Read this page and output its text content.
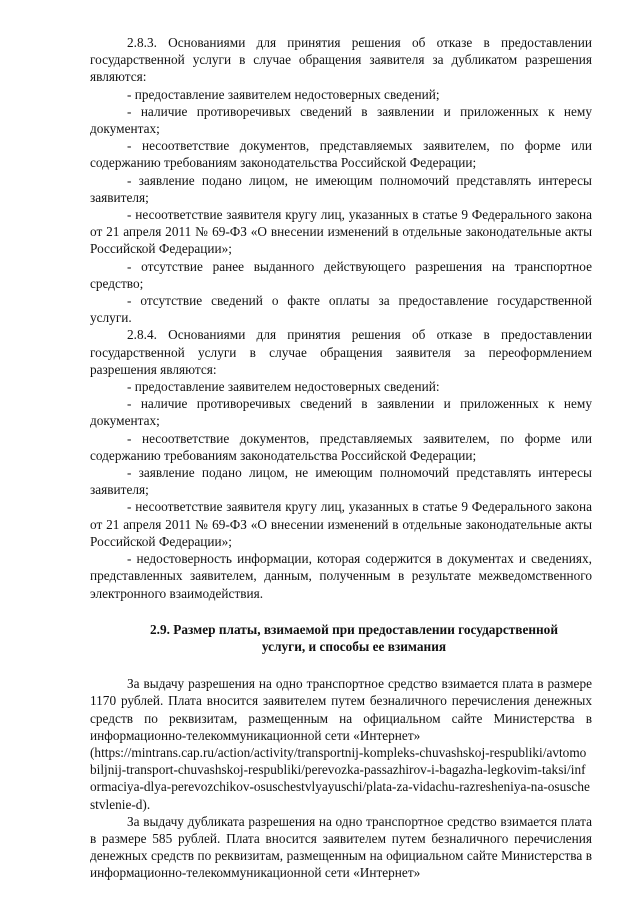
2.8.3. Основаниями для принятия решения об отказе в предоставлении государственной услуги в случае обращения заявителя за дубликатом разрешения являются:

- предоставление заявителем недостоверных сведений;

- наличие противоречивых сведений в заявлении и приложенных к нему документах;

- несоответствие документов, представляемых заявителем, по форме или содержанию требованиям законодательства Российской Федерации;

- заявление подано лицом, не имеющим полномочий представлять интересы заявителя;

- несоответствие заявителя кругу лиц, указанных в статье 9 Федерального закона от 21 апреля 2011 № 69-ФЗ «О внесении изменений в отдельные законодательные акты Российской Федерации»;

- отсутствие ранее выданного действующего разрешения на транспортное средство;

- отсутствие сведений о факте оплаты за предоставление государственной услуги.

2.8.4. Основаниями для принятия решения об отказе в предоставлении государственной услуги в случае обращения заявителя за переоформлением разрешения являются:

- предоставление заявителем недостоверных сведений:

- наличие противоречивых сведений в заявлении и приложенных к нему документах;

- несоответствие документов, представляемых заявителем, по форме или содержанию требованиям законодательства Российской Федерации;

- заявление подано лицом, не имеющим полномочий представлять интересы заявителя;

- несоответствие заявителя кругу лиц, указанных в статье 9 Федерального закона от 21 апреля 2011 № 69-ФЗ «О внесении изменений в отдельные законодательные акты Российской Федерации»;

- недостоверность информации, которая содержится в документах и сведениях, представленных заявителем, данным, полученным в результате межведомственного электронного взаимодействия.

2.9. Размер платы, взимаемой при предоставлении государственной услуги, и способы ее взимания

За выдачу разрешения на одно транспортное средство взимается плата в размере 1170 рублей. Плата вносится заявителем путем безналичного перечисления денежных средств по реквизитам, размещенным на официальном сайте Министерства в информационно-телекоммуникационной сети «Интернет»

(https://mintrans.cap.ru/action/activity/transportnij-kompleks-chuvashskoj-respubliki/avtomobiljnij-transport-chuvashskoj-respubliki/perevozka-passazhirov-i-bagazha-legkovim-taksi/informaciya-dlya-perevozchikov-osuschestvlyayuschi/plata-za-vidachu-razresheniya-na-osuschestvlenie-d).

За выдачу дубликата разрешения на одно транспортное средство взимается плата в размере 585 рублей. Плата вносится заявителем путем безналичного перечисления денежных средств по реквизитам, размещенным на официальном сайте Министерства в информационно-телекоммуникационной сети «Интернет»
